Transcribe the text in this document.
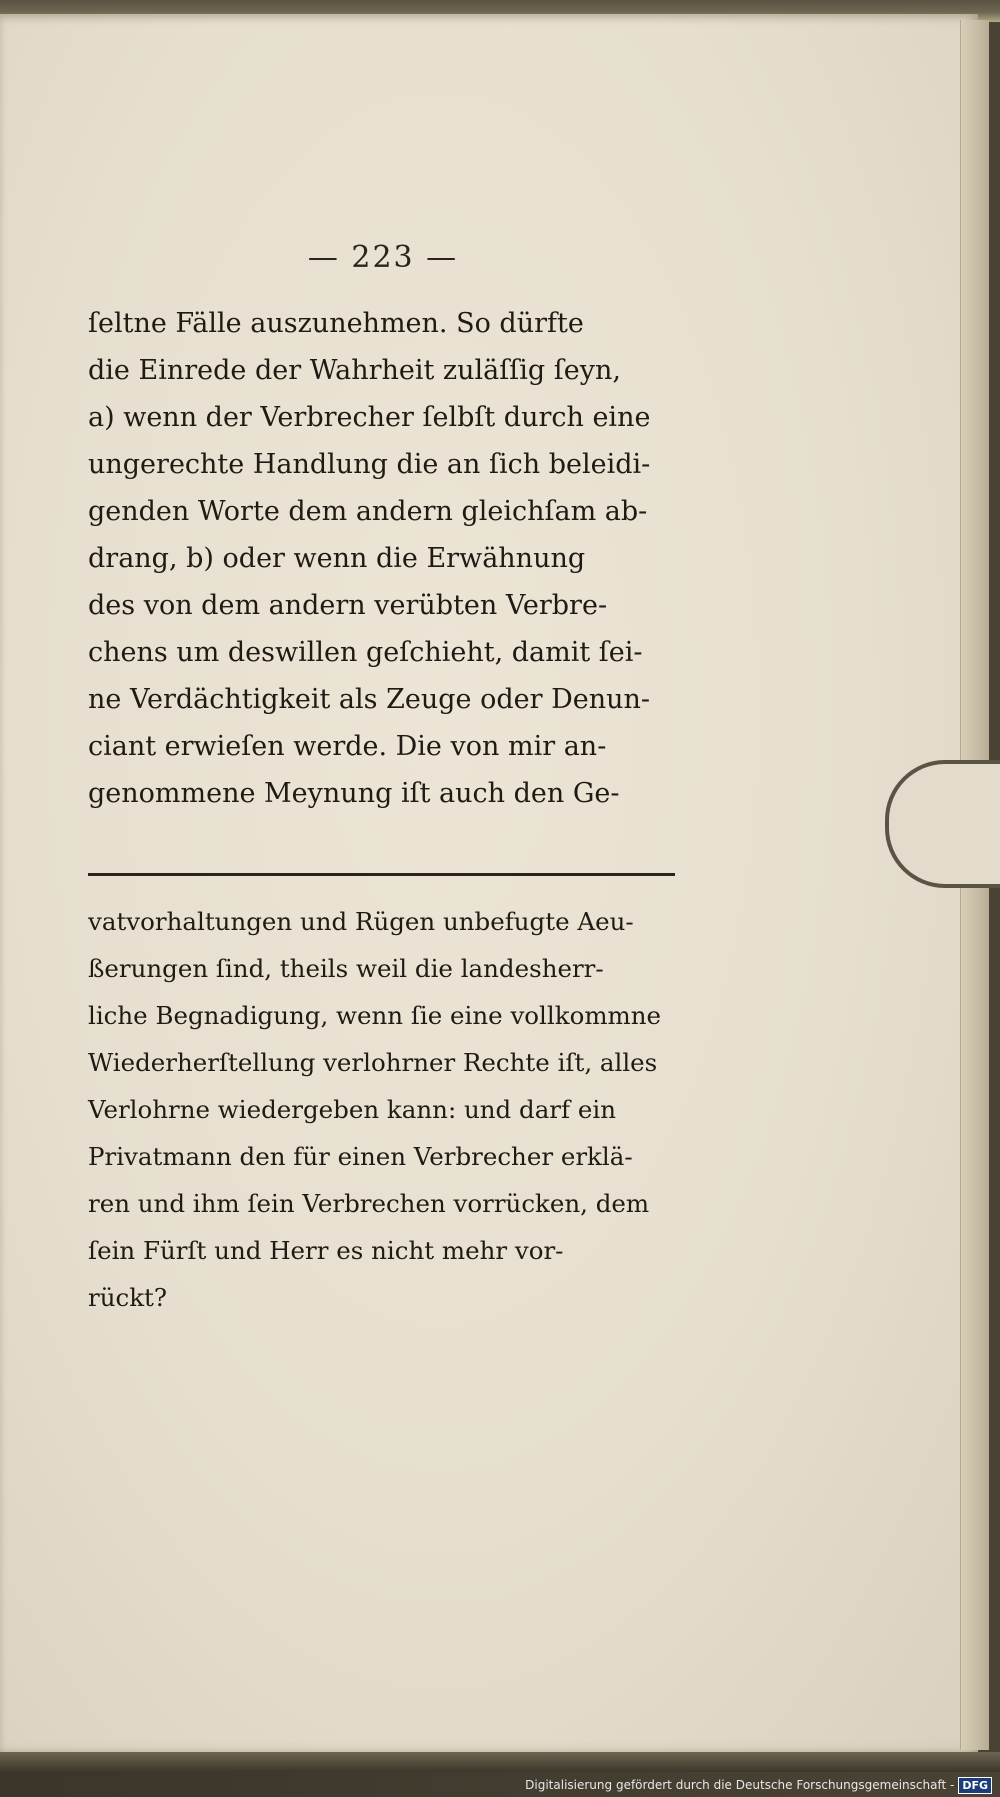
— 223 —
ſeltne Fälle auszunehmen. So dürfte
die Einrede der Wahrheit zuläſſig ſeyn,
a) wenn der Verbrecher ſelbſt durch eine
ungerechte Handlung die an ſich beleidi-
genden Worte dem andern gleichſam ab-
drang, b) oder wenn die Erwähnung
des von dem andern verübten Verbre-
chens um deswillen geſchieht, damit ſei-
ne Verdächtigkeit als Zeuge oder Denun-
ciant erwieſen werde. Die von mir an-
genommene Meynung iſt auch den Ge-
vatvorhaltungen und Rügen unbefugte Aeu-
ßerungen ſind, theils weil die landesherr-
liche Begnadigung, wenn ſie eine vollkommne
Wiederherſtellung verlohrner Rechte iſt, alles
Verlohrne wiedergeben kann: und darf ein
Privatmann den für einen Verbrecher erklä-
ren und ihm ſein Verbrechen vorrücken, dem
ſein Fürſt und Herr es nicht mehr vor-
rückt?
Digitalisierung gefördert durch die Deutsche Forschungsgemeinschaft - DFG
